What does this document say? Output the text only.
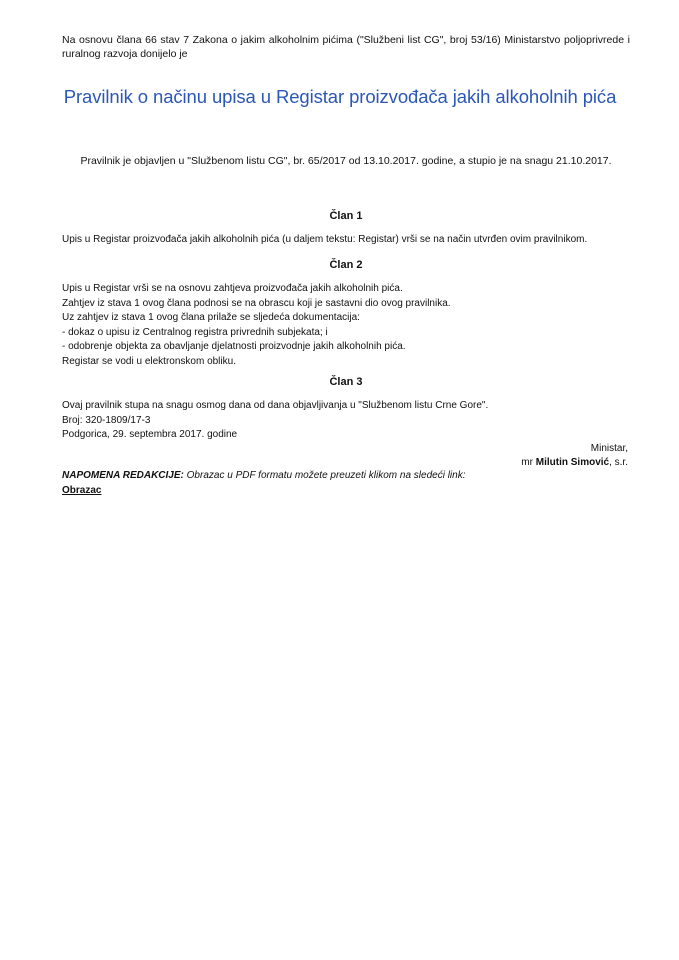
Na osnovu člana 66 stav 7 Zakona o jakim alkoholnim pićima ("Službeni list CG", broj 53/16) Ministarstvo poljoprivrede i ruralnog razvoja donijelo je
Pravilnik o načinu upisa u Registar proizvođača jakih alkoholnih pića
Pravilnik je objavljen u "Službenom listu CG", br. 65/2017 od 13.10.2017. godine, a stupio je na snagu 21.10.2017.
Član 1
Upis u Registar proizvođača jakih alkoholnih pića (u daljem tekstu: Registar) vrši se na način utvrđen ovim pravilnikom.
Član 2
Upis u Registar vrši se na osnovu zahtjeva proizvođača jakih alkoholnih pića.
Zahtjev iz stava 1 ovog člana podnosi se na obrascu koji je sastavni dio ovog pravilnika.
Uz zahtjev iz stava 1 ovog člana prilaže se sljedeća dokumentacija:
- dokaz o upisu iz Centralnog registra privrednih subjekata; i
- odobrenje objekta za obavljanje djelatnosti proizvodnje jakih alkoholnih pića.
Registar se vodi u elektronskom obliku.
Član 3
Ovaj pravilnik stupa na snagu osmog dana od dana objavljivanja u "Službenom listu Crne Gore".
Broj: 320-1809/17-3
Podgorica, 29. septembra 2017. godine
Ministar,
mr Milutin Simović, s.r.
NAPOMENA REDAKCIJE: Obrazac u PDF formatu možete preuzeti klikom na sledeći link:
Obrazac
